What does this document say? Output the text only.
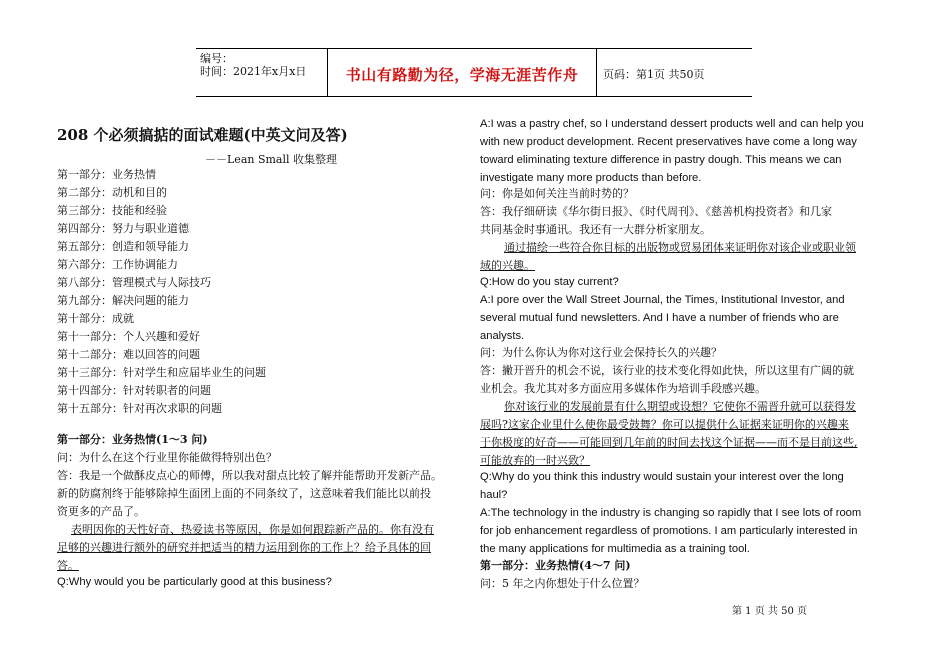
编号：
时间：2021年x月x日	书山有路勤为径，学海无涯苦作舟	页码：第1页 共50页
208 个必须搞掂的面试难题(中英文问及答)
－－Lean Small 收集整理
第一部分：业务热情
第二部分：动机和目的
第三部分：技能和经验
第四部分：努力与职业道德
第五部分：创造和领导能力
第六部分：工作协调能力
第八部分：管理模式与人际技巧
第九部分：解决问题的能力
第十部分：成就
第十一部分：个人兴趣和爱好
第十二部分：难以回答的问题
第十三部分：针对学生和应届毕业生的问题
第十四部分：针对转职者的问题
第十五部分：针对再次求职的问题
第一部分：业务热情(1～3 问)
问：为什么在这个行业里你能做得特别出色？
答：我是一个做酥皮点心的师傅，所以我对甜点比较了解并能帮助开发新产品。
新的防腐剂终于能够除掉生面团上面的不同条纹了，这意味着我们能比以前投
资更多的产品了。
表明因你的天性好奇、热爱读书等原因，你是如何跟踪新产品的。你有没有
足够的兴趣进行额外的研究并把适当的精力运用到你的工作上？给予具体的回
答。
Q:Why would you be particularly good at this business?
A:I was a pastry chef, so I understand dessert products well and can help you
with new product development. Recent preservatives have come a long way
toward eliminating texture difference in pastry dough. This means we can
investigate many more products than before.
问：你是如何关注当前时势的？
答：我仔细研读《华尔街日报》、《时代周刊》、《慈善机构投资者》和几家
共同基金时事通讯。我还有一大群分析家朋友。
通过描绘一些符合你目标的出版物或贸易团体来证明你对该企业或职业领
域的兴趣。
Q:How do you stay current?
A:I pore over the Wall Street Journal, the Times, Institutional Investor, and
several mutual fund newsletters. And I have a number of friends who are
analysts.
问：为什么你认为你对这行业会保持长久的兴趣？
答：撇开晋升的机会不说，该行业的技术变化得如此快，所以这里有广阔的就
业机会。我尤其对多方面应用多媒体作为培训手段感兴趣。
你对该行业的发展前景有什么期望或设想？它使你不需晋升就可以获得发
展吗?这家企业里什么使你最受鼓舞？你可以提供什么证据来证明你的兴趣来
于你极度的好奇——可能回到几年前的时间去找这个证据——而不是目前这些,
可能放弃的一时兴致？
Q:Why do you think this industry would sustain your interest over the long
haul?
A:The technology in the industry is changing so rapidly that I see lots of room
for job enhancement regardless of promotions. I am particularly interested in
the many applications for multimedia as a training tool.
第一部分：业务热情(4～7 问)
问：5 年之内你想处于什么位置？
第 1 页 共 50 页
